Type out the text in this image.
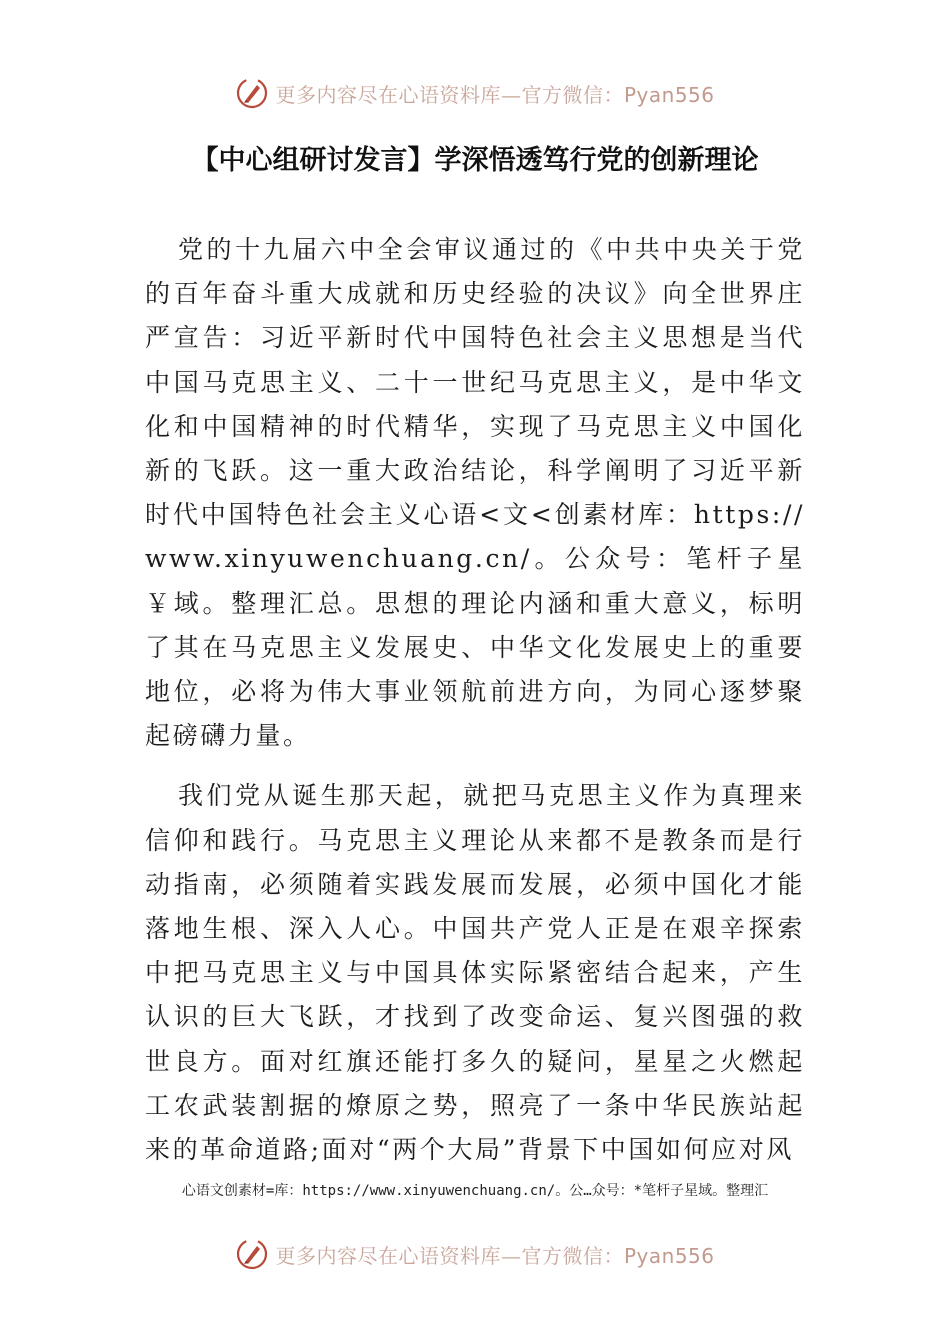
更多内容尽在心语资料库—官方微信：Pyan556
【中心组研讨发言】学深悟透笃行党的创新理论

党的十九届六中全会审议通过的《中共中央关于党的百年奋斗重大成就和历史经验的决议》向全世界庄严宣告：习近平新时代中国特色社会主义思想是当代中国马克思主义、二十一世纪马克思主义，是中华文化和中国精神的时代精华，实现了马克思主义中国化新的飞跃。这一重大政治结论，科学阐明了习近平新时代中国特色社会主义心语<文<创素材库：https://www.xinyuwenchuang.cn/。公众号：笔杆子星￥域。整理汇总。思想的理论内涵和重大意义，标明了其在马克思主义发展史、中华文化发展史上的重要地位，必将为伟大事业领航前进方向，为同心逐梦聚起磅礴力量。

我们党从诞生那天起，就把马克思主义作为真理来信仰和践行。马克思主义理论从来都不是教条而是行动指南，必须随着实践发展而发展，必须中国化才能落地生根、深入人心。中国共产党人正是在艰辛探索中把马克思主义与中国具体实际紧密结合起来，产生认识的巨大飞跃，才找到了改变命运、复兴图强的救世良方。面对红旗还能打多久的疑问，星星之火燃起工农武装割据的燎原之势，照亮了一条中华民族站起来的革命道路;面对“两个大局”背景下中国如何应对风

心语文创素材=库：https://www.xinyuwenchuang.cn/。公…众号：*笔杆子星域。整理汇
更多内容尽在心语资料库—官方微信：Pyan556
